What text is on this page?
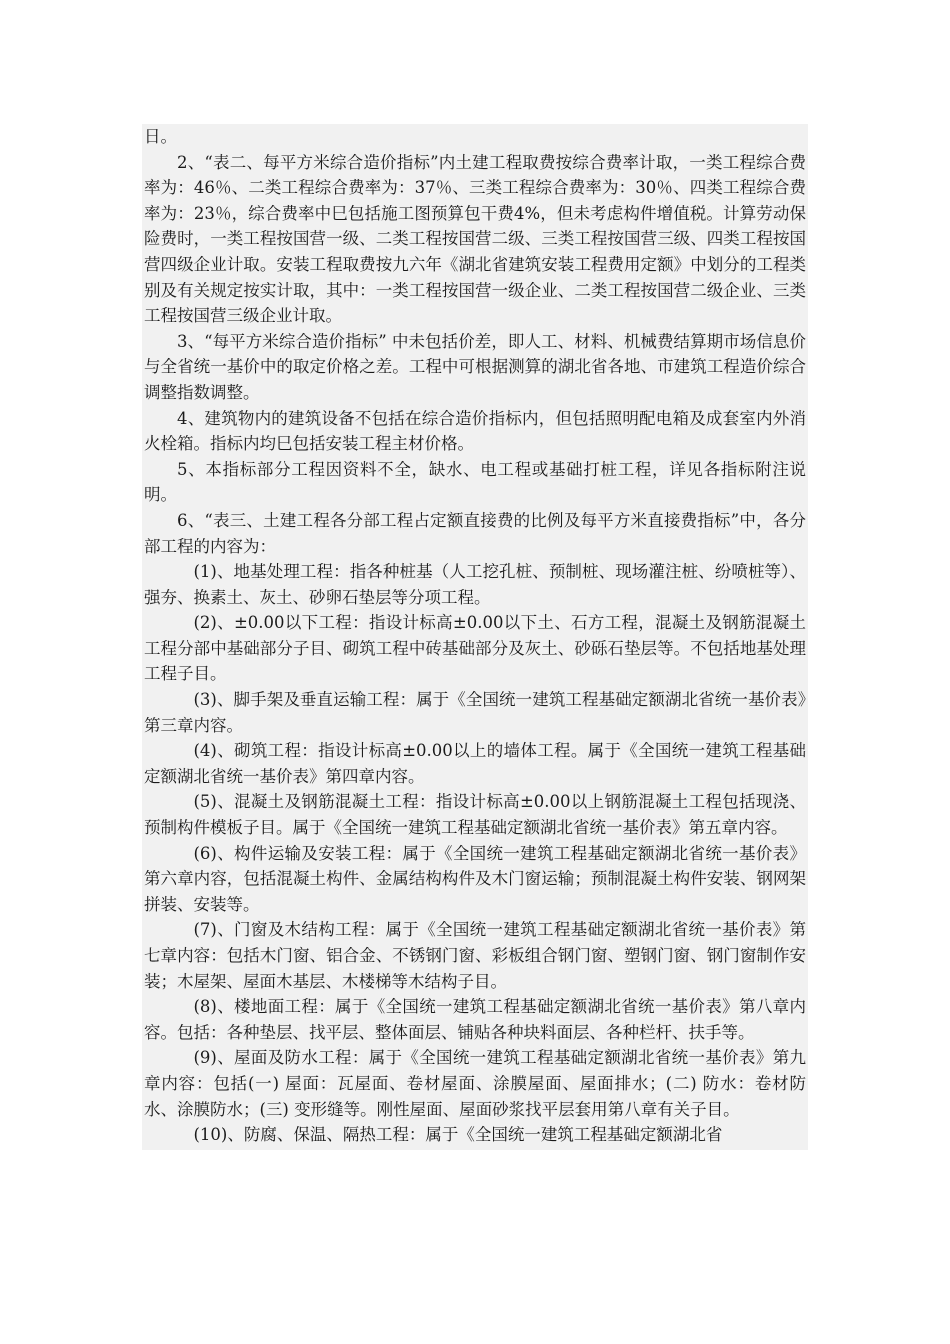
日。

2、“表二、每平方米综合造价指标”内土建工程取费按综合费率计取，一类工程综合费率为：46％、二类工程综合费率为：37％、三类工程综合费率为：30％、四类工程综合费率为：23％，综合费率中巳包括施工图预算包干费4%，但未考虑构件增值税。计算劳动保险费时，一类工程按国营一级、二类工程按国营二级、三类工程按国营三级、四类工程按国营四级企业计取。安装工程取费按九六年《湖北省建筑安装工程费用定额》中划分的工程类别及有关规定按实计取，其中：一类工程按国营一级企业、二类工程按国营二级企业、三类工程按国营三级企业计取。

3、“每平方米综合造价指标” 中未包括价差，即人工、材料、机械费结算期市场信息价与全省统一基价中的取定价格之差。工程中可根据测算的湖北省各地、市建筑工程造价综合调整指数调整。

4、建筑物内的建筑设备不包括在综合造价指标内，但包括照明配电箱及成套室内外消火栓箱。指标内均巳包括安装工程主材价格。

5、本指标部分工程因资料不全，缺水、电工程或基础打桩工程，详见各指标附注说明。

6、“表三、土建工程各分部工程占定额直接费的比例及每平方米直接费指标”中，各分部工程的内容为：

(1)、地基处理工程：指各种桩基（人工挖孔桩、预制桩、现场灌注桩、纷喷桩等）、强夯、换素土、灰土、砂卵石垫层等分项工程。

(2)、±0.00以下工程：指设计标高±0.00以下土、石方工程，混凝土及钢筋混凝土工程分部中基础部分子目、砌筑工程中砖基础部分及灰土、砂砾石垫层等。不包括地基处理工程子目。

(3)、脚手架及垂直运输工程：属于《全国统一建筑工程基础定额湖北省统一基价表》第三章内容。

(4)、砌筑工程：指设计标高±0.00以上的墙体工程。属于《全国统一建筑工程基础定额湖北省统一基价表》第四章内容。

(5)、混凝土及钢筋混凝土工程：指设计标高±0.00以上钢筋混凝土工程包括现浇、预制构件模板子目。属于《全国统一建筑工程基础定额湖北省统一基价表》第五章内容。

(6)、构件运输及安装工程：属于《全国统一建筑工程基础定额湖北省统一基价表》第六章内容，包括混凝土构件、金属结构构件及木门窗运输；预制混凝土构件安装、钢网架拼装、安装等。

(7)、门窗及木结构工程：属于《全国统一建筑工程基础定额湖北省统一基价表》第七章内容：包括木门窗、铝合金、不锈钢门窗、彩板组合钢门窗、塑钢门窗、钢门窗制作安装；木屋架、屋面木基层、木楼梯等木结构子目。

(8)、楼地面工程：属于《全国统一建筑工程基础定额湖北省统一基价表》第八章内容。包括：各种垫层、找平层、整体面层、铺贴各种块料面层、各种栏杆、扶手等。

(9)、屋面及防水工程：属于《全国统一建筑工程基础定额湖北省统一基价表》第九章内容：包括(一) 屋面：瓦屋面、卷材屋面、涂膜屋面、屋面排水；(二) 防水：卷材防水、涂膜防水；(三) 变形缝等。刚性屋面、屋面砂浆找平层套用第八章有关子目。

(10)、防腐、保温、隔热工程：属于《全国统一建筑工程基础定额湖北省
